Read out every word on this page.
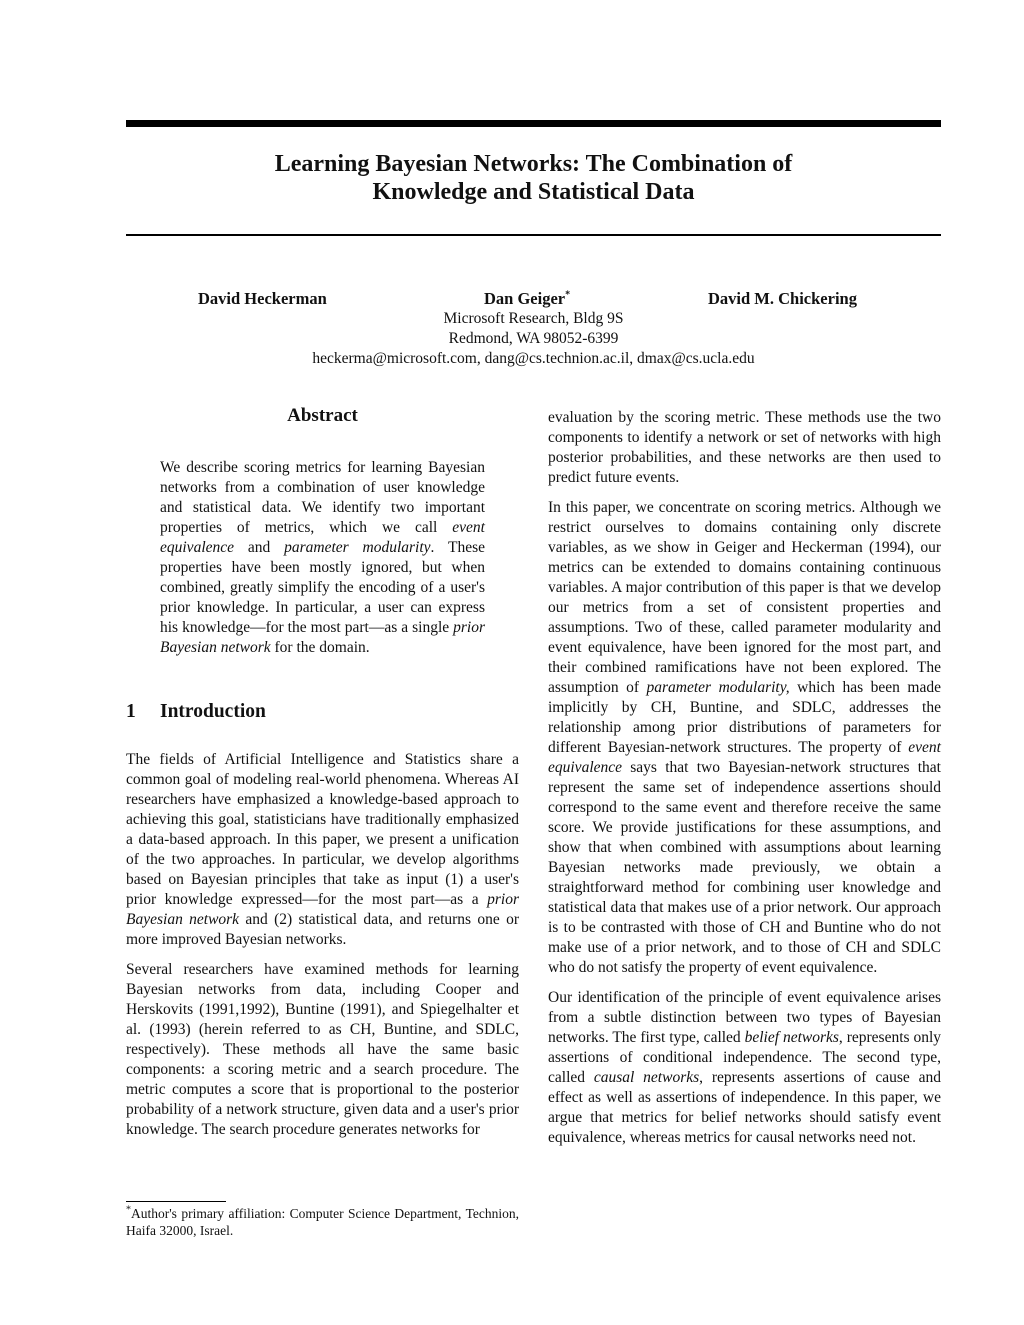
Learning Bayesian Networks: The Combination of
Knowledge and Statistical Data
David Heckerman	Dan Geiger*	David M. Chickering
Microsoft Research, Bldg 9S
Redmond, WA 98052-6399
heckerma@microsoft.com, dang@cs.technion.ac.il, dmax@cs.ucla.edu
Abstract
We describe scoring metrics for learning Bayesian networks from a combination of user knowledge and statistical data. We identify two important properties of metrics, which we call event equivalence and parameter modularity. These properties have been mostly ignored, but when combined, greatly simplify the encoding of a user's prior knowledge. In particular, a user can express his knowledge—for the most part—as a single prior Bayesian network for the domain.
1 Introduction

The fields of Artificial Intelligence and Statistics share a common goal of modeling real-world phenomena. Whereas AI researchers have emphasized a knowledge-based approach to achieving this goal, statisticians have traditionally emphasized a data-based approach. In this paper, we present a unification of the two approaches. In particular, we develop algorithms based on Bayesian principles that take as input (1) a user's prior knowledge expressed—for the most part—as a prior Bayesian network and (2) statistical data, and returns one or more improved Bayesian networks.

Several researchers have examined methods for learning Bayesian networks from data, including Cooper and Herskovits (1991,1992), Buntine (1991), and Spiegelhalter et al. (1993) (herein referred to as CH, Buntine, and SDLC, respectively). These methods all have the same basic components: a scoring metric and a search procedure. The metric computes a score that is proportional to the posterior probability of a network structure, given data and a user's prior knowledge. The search procedure generates networks for

*Author's primary affiliation: Computer Science Department, Technion, Haifa 32000, Israel.

evaluation by the scoring metric. These methods use the two components to identify a network or set of networks with high posterior probabilities, and these networks are then used to predict future events.

In this paper, we concentrate on scoring metrics. Although we restrict ourselves to domains containing only discrete variables, as we show in Geiger and Heckerman (1994), our metrics can be extended to domains containing continuous variables. A major contribution of this paper is that we develop our metrics from a set of consistent properties and assumptions. Two of these, called parameter modularity and event equivalence, have been ignored for the most part, and their combined ramifications have not been explored. The assumption of parameter modularity, which has been made implicitly by CH, Buntine, and SDLC, addresses the relationship among prior distributions of parameters for different Bayesian-network structures. The property of event equivalence says that two Bayesian-network structures that represent the same set of independence assertions should correspond to the same event and therefore receive the same score. We provide justifications for these assumptions, and show that when combined with assumptions about learning Bayesian networks made previously, we obtain a straightforward method for combining user knowledge and statistical data that makes use of a prior network. Our approach is to be contrasted with those of CH and Buntine who do not make use of a prior network, and to those of CH and SDLC who do not satisfy the property of event equivalence.

Our identification of the principle of event equivalence arises from a subtle distinction between two types of Bayesian networks. The first type, called belief networks, represents only assertions of conditional independence. The second type, called causal networks, represents assertions of cause and effect as well as assertions of independence. In this paper, we argue that metrics for belief networks should satisfy event equivalence, whereas metrics for causal networks need not.
